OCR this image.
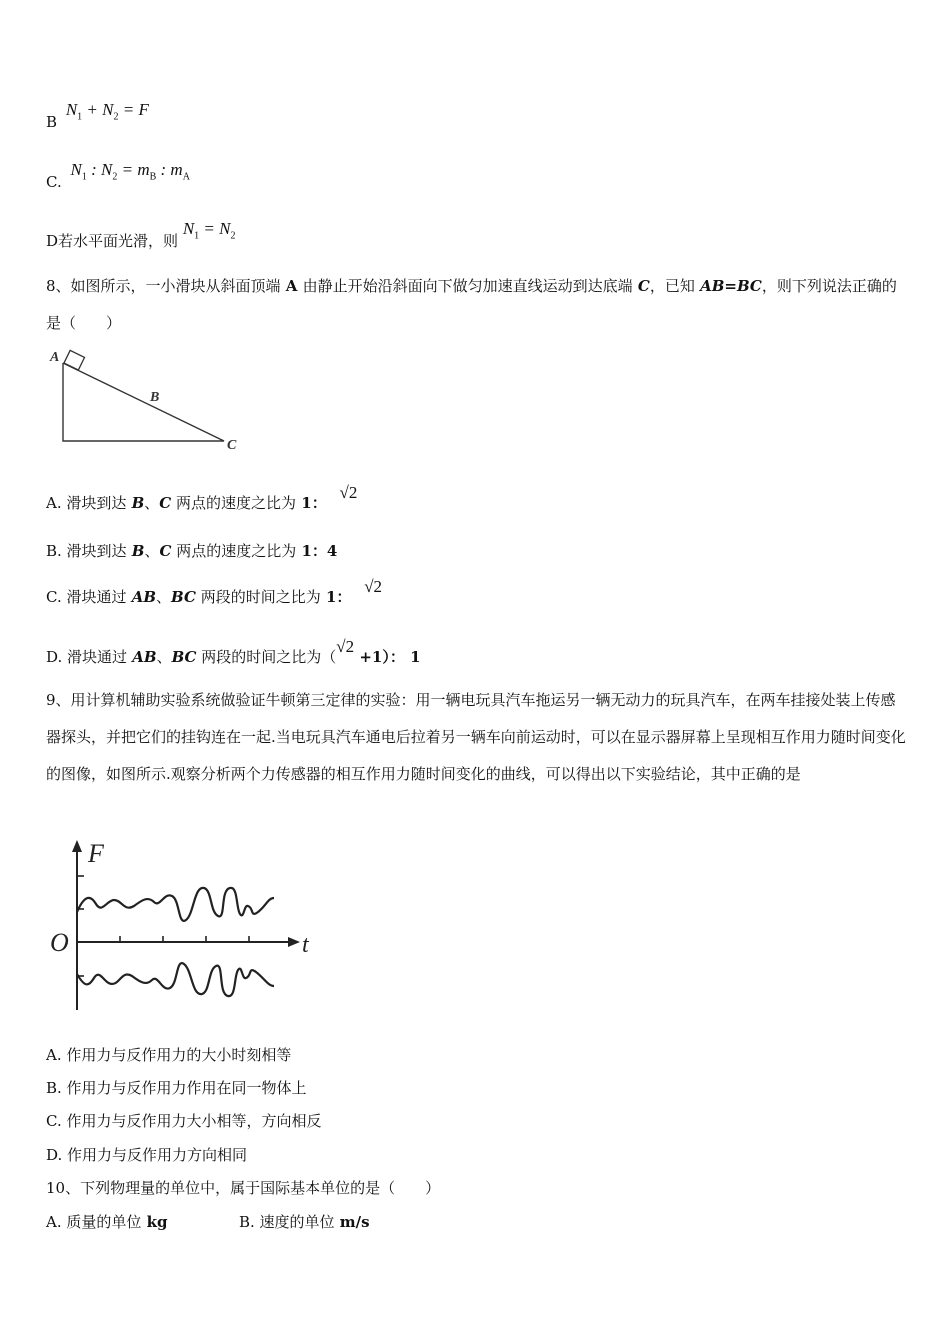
B $N_1 + N_2 = F$
C. $N_1$ : $N_2 = m_B$ : $m_A$
D若水平面光滑，则 $N_1 = N_2$
8、如图所示，一小滑块从斜面顶端 A 由静止开始沿斜面向下做匀加速直线运动到达底端 C，已知 AB=BC，则下列说法正确的是（　　）
A
B
C
A. 滑块到达 B、C 两点的速度之比为 1： √2
B. 滑块到达 B、C 两点的速度之比为 1：4
C. 滑块通过 AB、BC 两段的时间之比为 1： √2
D. 滑块通过 AB、BC 两段的时间之比为（√2 +1）： 1
9、用计算机辅助实验系统做验证牛顿第三定律的实验：用一辆电玩具汽车拖运另一辆无动力的玩具汽车，在两车挂接处装上传感器探头，并把它们的挂钩连在一起.当电玩具汽车通电后拉着另一辆车向前运动时，可以在显示器屏幕上呈现相互作用力随时间变化的图像，如图所示.观察分析两个力传感器的相互作用力随时间变化的曲线，可以得出以下实验结论，其中正确的是
F
t
O
A. 作用力与反作用力的大小时刻相等
B. 作用力与反作用力作用在同一物体上
C. 作用力与反作用力大小相等，方向相反
D. 作用力与反作用力方向相同
10、下列物理量的单位中，属于国际基本单位的是（　　）
A. 质量的单位 kg	B. 速度的单位 m/s
